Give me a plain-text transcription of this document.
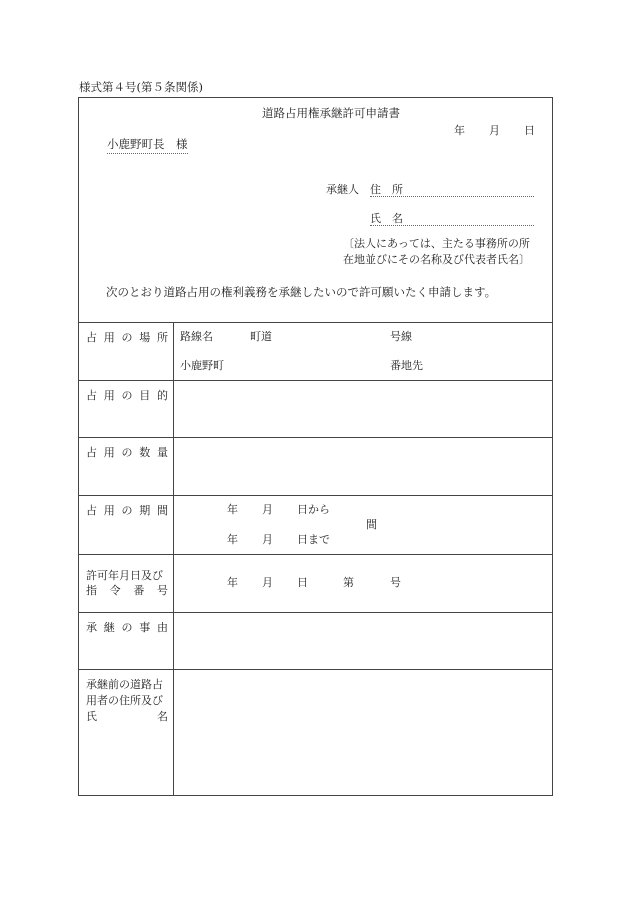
様式第４号(第５条関係)
道路占用権承継許可申請書
年 月 日
小鹿野町長　様
承継人 住　所
氏　名
〔法人にあっては、主たる事務所の所
在地並びにその名称及び代表者氏名〕
次のとおり道路占用の権利義務を承継したいので許可願いたく申請します。
占 用 の 場 所 路線名	町道	号線
小鹿野町	番地先
占 用 の 目 的
占 用 の 数 量
占 用 の 期 間	年 月 日から
間
年 月 日まで
許可年月日及び
指 令 番 号
年 月 日	第	号
承 継 の 事 由
承継前の道路占
用者の住所及び
氏	名
